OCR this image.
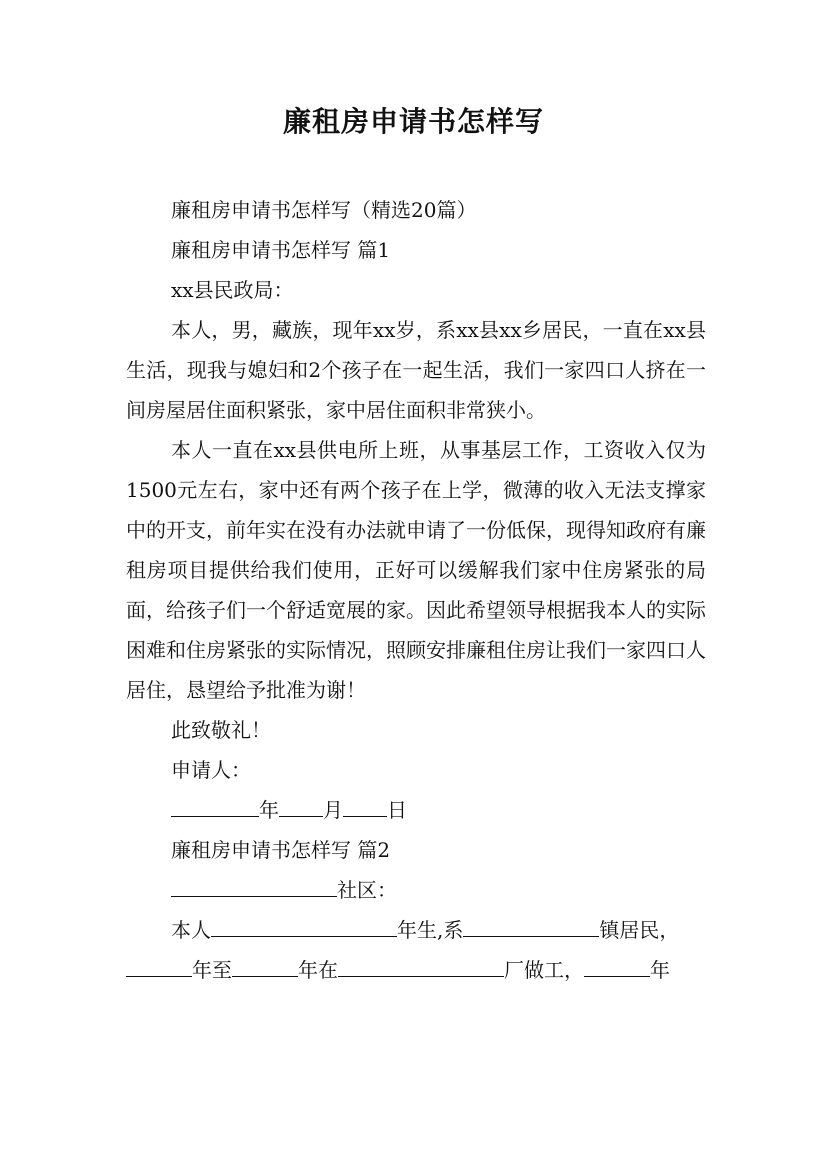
廉租房申请书怎样写
廉租房申请书怎样写（精选20篇）
廉租房申请书怎样写 篇1
xx县民政局：

本人，男，藏族，现年xx岁，系xx县xx乡居民，一直在xx县生活，现我与媳妇和2个孩子在一起生活，我们一家四口人挤在一间房屋居住面积紧张，家中居住面积非常狭小。

本人一直在xx县供电所上班，从事基层工作，工资收入仅为1500元左右，家中还有两个孩子在上学，微薄的收入无法支撑家中的开支，前年实在没有办法就申请了一份低保，现得知政府有廉租房项目提供给我们使用，正好可以缓解我们家中住房紧张的局面，给孩子们一个舒适宽展的家。因此希望领导根据我本人的实际困难和住房紧张的实际情况，照顾安排廉租住房让我们一家四口人居住，恳望给予批准为谢！

此致敬礼！
申请人：
年 月 日
廉租房申请书怎样写 篇2
社区：
本人	年生,系	镇居民，
年至	年在	厂做工，	年
